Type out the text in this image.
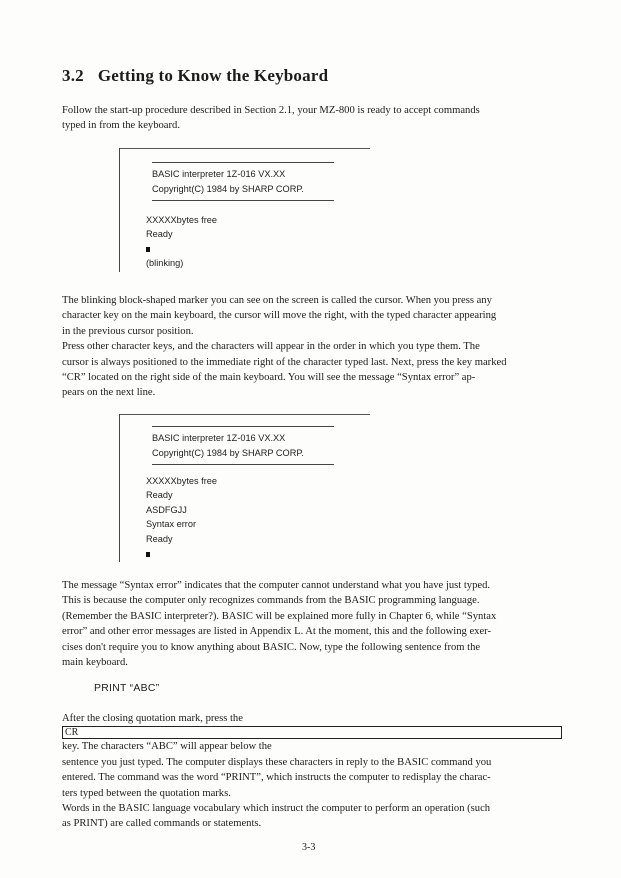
3.2 Getting to Know the Keyboard

Follow the start-up procedure described in Section 2.1, your MZ-800 is ready to accept commands
typed in from the keyboard.

BASIC interpreter 1Z-016 VX.XX
Copyright(C) 1984 by SHARP CORP.
XXXXXbytes free
Ready
(blinking)

The blinking block-shaped marker you can see on the screen is called the cursor. When you press any
character key on the main keyboard, the cursor will move the right, with the typed character appearing
in the previous cursor position.
Press other character keys, and the characters will appear in the order in which you type them. The
cursor is always positioned to the immediate right of the character typed last. Next, press the key marked
“CR” located on the right side of the main keyboard. You will see the message “Syntax error” ap-
pears on the next line.

BASIC interpreter 1Z-016 VX.XX
Copyright(C) 1984 by SHARP CORP.
XXXXXbytes free
Ready
ASDFGJJ
Syntax error
Ready

The message “Syntax error” indicates that the computer cannot understand what you have just typed.
This is because the computer only recognizes commands from the BASIC programming language.
(Remember the BASIC interpreter?). BASIC will be explained more fully in Chapter 6, while “Syntax
error” and other error messages are listed in Appendix L. At the moment, this and the following exer-
cises don't require you to know anything about BASIC. Now, type the following sentence from the
main keyboard.

PRINT “ABC”

After the closing quotation mark, press the
CR
key. The characters “ABC” will appear below the
sentence you just typed. The computer displays these characters in reply to the BASIC command you
entered. The command was the word “PRINT”, which instructs the computer to redisplay the charac-
ters typed between the quotation marks.
Words in the BASIC language vocabulary which instruct the computer to perform an operation (such
as PRINT) are called commands or statements.

3-3
